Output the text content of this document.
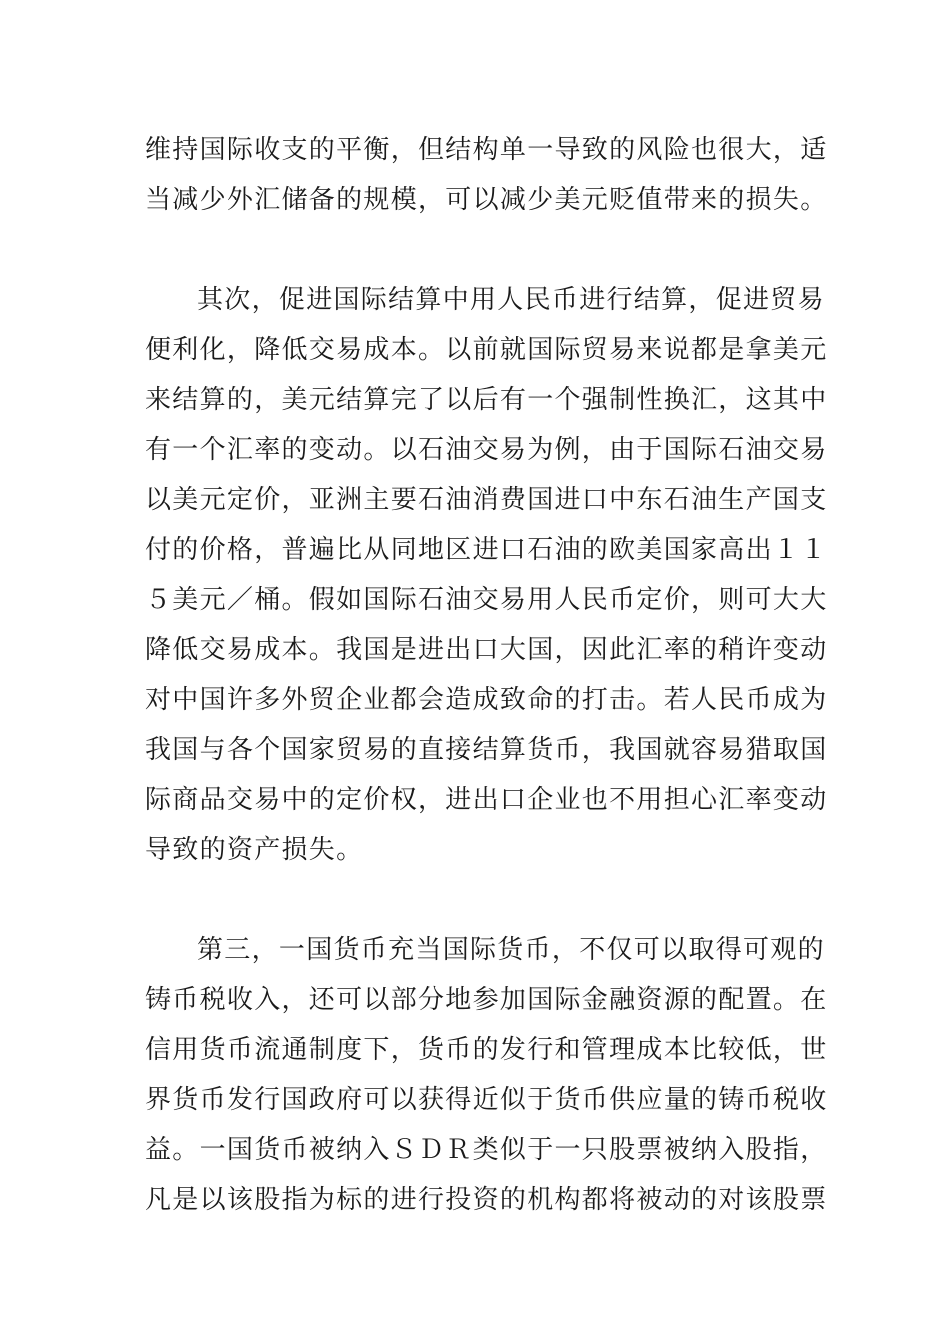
维持国际收支的平衡，但结构单一导致的风险也很大，适
当减少外汇储备的规模，可以减少美元贬值带来的损失。
其次，促进国际结算中用人民币进行结算，促进贸易
便利化，降低交易成本。以前就国际贸易来说都是拿美元
来结算的，美元结算完了以后有一个强制性换汇，这其中
有一个汇率的变动。以石油交易为例，由于国际石油交易
以美元定价，亚洲主要石油消费国进口中东石油生产国支
付的价格，普遍比从同地区进口石油的欧美国家高出１１
５美元／桶。假如国际石油交易用人民币定价，则可大大
降低交易成本。我国是进出口大国，因此汇率的稍许变动
对中国许多外贸企业都会造成致命的打击。若人民币成为
我国与各个国家贸易的直接结算货币，我国就容易猎取国
际商品交易中的定价权，进出口企业也不用担心汇率变动
导致的资产损失。
第三，一国货币充当国际货币，不仅可以取得可观的
铸币税收入，还可以部分地参加国际金融资源的配置。在
信用货币流通制度下，货币的发行和管理成本比较低，世
界货币发行国政府可以获得近似于货币供应量的铸币税收
益。一国货币被纳入ＳＤＲ类似于一只股票被纳入股指，
凡是以该股指为标的进行投资的机构都将被动的对该股票
